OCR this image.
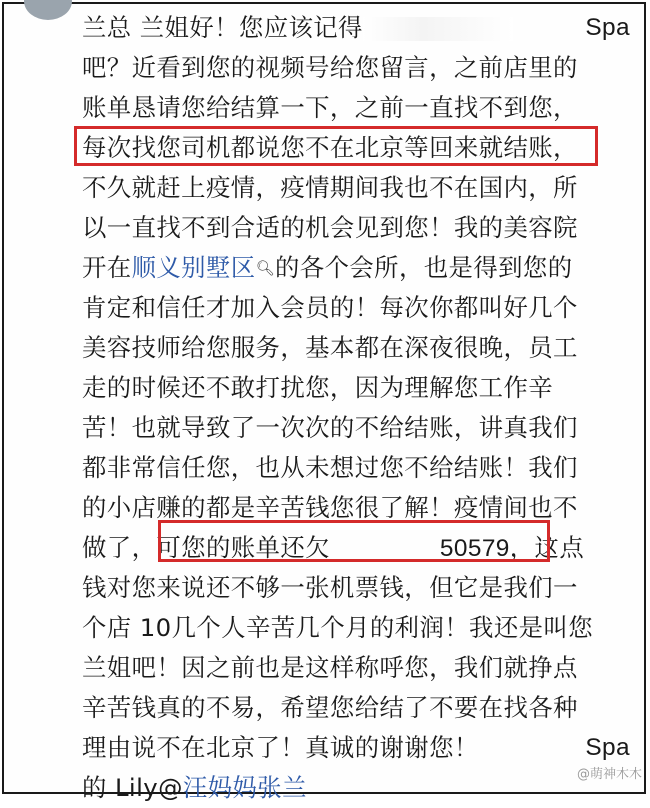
兰总 兰姐好！您应该记得	Spa
吧？近看到您的视频号给您留言，之前店里的
账单恳请您给结算一下，之前一直找不到您，
每次找您司机都说您不在北京等回来就结账，
不久就赶上疫情，疫情期间我也不在国内，所
以一直找不到合适的机会见到您！我的美容院
开在顺义别墅区🔍︎的各个会所，也是得到您的
肯定和信任才加入会员的！每次你都叫好几个
美容技师给您服务，基本都在深夜很晚，员工
走的时候还不敢打扰您，因为理解您工作辛
苦！也就导致了一次次的不给结账，讲真我们
都非常信任您，也从未想过您不给结账！我们
的小店赚的都是辛苦钱您很了解！疫情间也不
做了，可您的账单还欠	50579，这点
钱对您来说还不够一张机票钱，但它是我们一
个店 10几个人辛苦几个月的利润！我还是叫您
兰姐吧！因之前也是这样称呼您，我们就挣点
辛苦钱真的不易，希望您给结了不要在找各种
理由说不在北京了！真诚的谢谢您！	Spa
的 Lily@汪妈妈张兰	@萌神木木
